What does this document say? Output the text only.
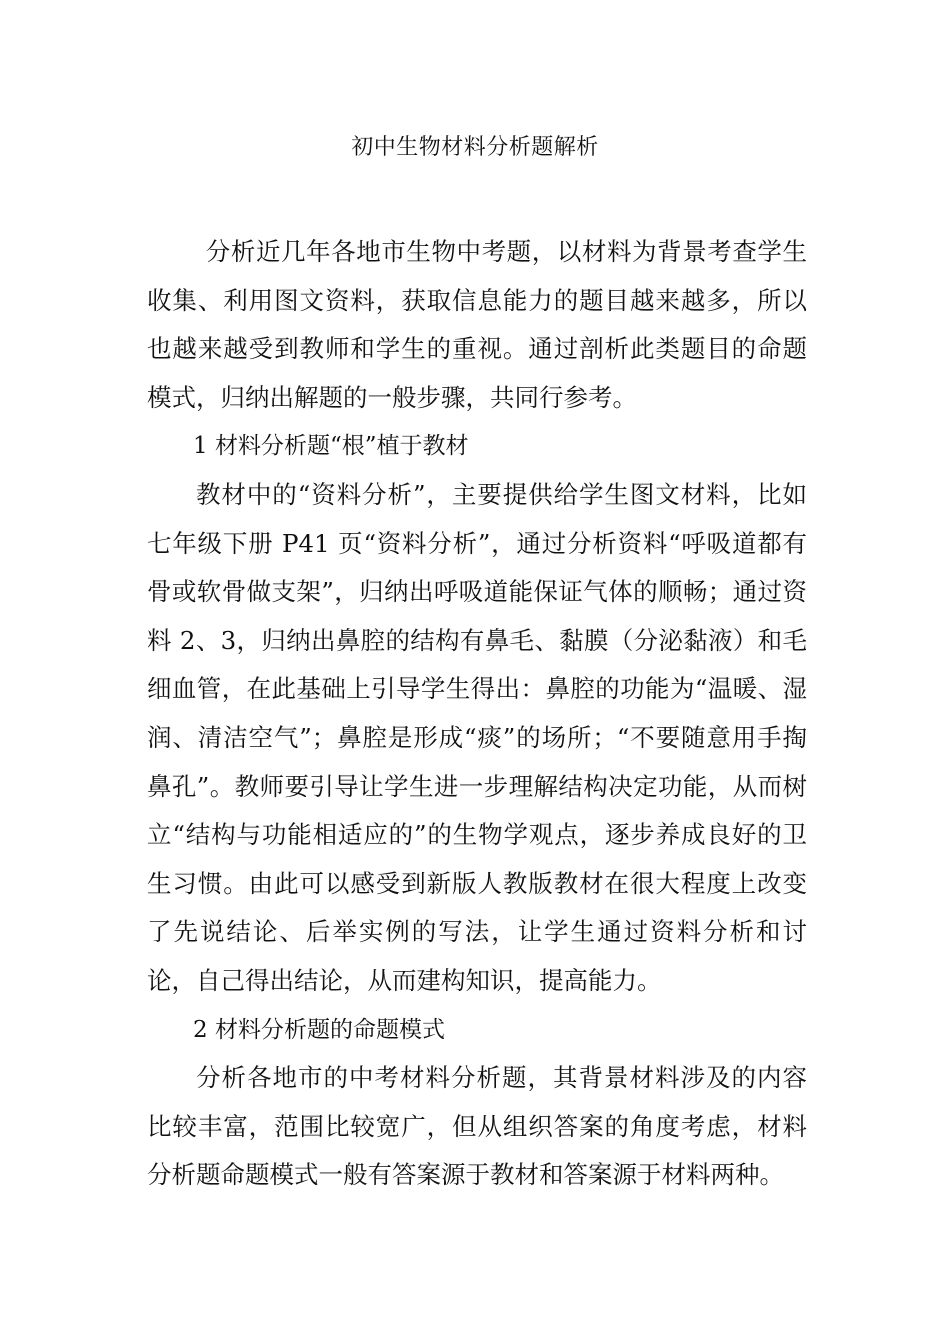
初中生物材料分析题解析

分析近几年各地市生物中考题，以材料为背景考查学生收集、利用图文资料，获取信息能力的题目越来越多，所以也越来越受到教师和学生的重视。通过剖析此类题目的命题模式，归纳出解题的一般步骤，共同行参考。

1 材料分析题“根”植于教材

教材中的“资料分析”，主要提供给学生图文材料，比如七年级下册 P41 页“资料分析”，通过分析资料“呼吸道都有骨或软骨做支架”，归纳出呼吸道能保证气体的顺畅；通过资料 2、3，归纳出鼻腔的结构有鼻毛、黏膜（分泌黏液）和毛细血管，在此基础上引导学生得出：鼻腔的功能为“温暖、湿润、清洁空气”；鼻腔是形成“痰”的场所；“不要随意用手掏鼻孔”。教师要引导让学生进一步理解结构决定功能，从而树立“结构与功能相适应的”的生物学观点，逐步养成良好的卫生习惯。由此可以感受到新版人教版教材在很大程度上改变了先说结论、后举实例的写法，让学生通过资料分析和讨论，自己得出结论，从而建构知识，提高能力。

2 材料分析题的命题模式

分析各地市的中考材料分析题，其背景材料涉及的内容比较丰富，范围比较宽广，但从组织答案的角度考虑，材料分析题命题模式一般有答案源于教材和答案源于材料两种。
